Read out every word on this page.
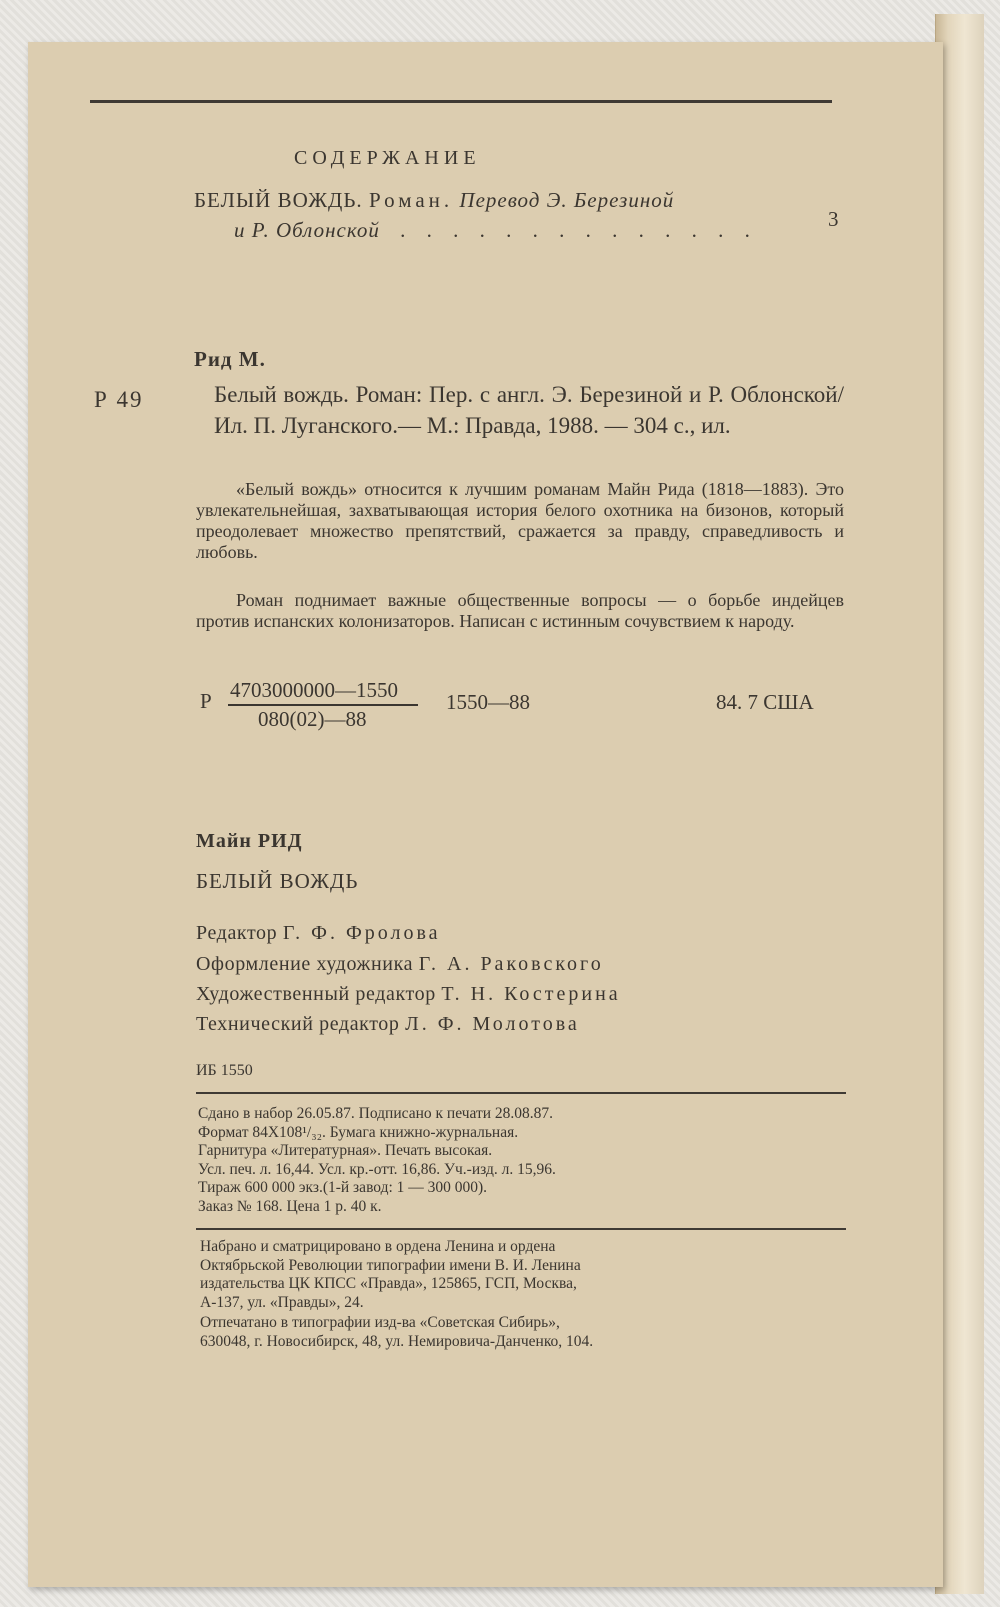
СОДЕРЖАНИЕ
БЕЛЫЙ ВОЖДЬ. Роман. Перевод Э. Березиной
и Р. Облонской . . . . . . . . . . . . . .	3
Рид М.
Р 49	Белый вождь. Роман: Пер. с англ. Э. Березиной и Р. Облонской/ Ил. П. Луганского.— М.: Правда, 1988. — 304 с., ил.
«Белый вождь» относится к лучшим романам Майн Рида (1818—1883). Это увлекательнейшая, захватывающая история белого охотника на бизонов, который преодолевает множество препятствий, сражается за правду, справедливость и любовь.
Роман поднимает важные общественные вопросы — о борьбе индейцев против испанских колонизаторов. Написан с истинным сочувствием к народу.
Р 4703000000—1550
080(02)—88
1550—88	84. 7 США
Майн РИД
БЕЛЫЙ ВОЖДЬ
Редактор Г. Ф. Фролова
Оформление художника Г. А. Раковского
Художественный редактор Т. Н. Костерина
Технический редактор Л. Ф. Молотова
ИБ 1550
Сдано в набор 26.05.87. Подписано к печати 28.08.87.
Формат 84Х108¹/₃₂. Бумага книжно-журнальная.
Гарнитура «Литературная». Печать высокая.
Усл. печ. л. 16,44. Усл. кр.-отт. 16,86. Уч.-изд. л. 15,96.
Тираж 600 000 экз.(1-й завод: 1 — 300 000).
Заказ № 168. Цена 1 р. 40 к.
Набрано и сматрицировано в ордена Ленина и ордена
Октябрьской Революции типографии имени В. И. Ленина
издательства ЦК КПСС «Правда», 125865, ГСП, Москва,
А-137, ул. «Правды», 24.
Отпечатано в типографии изд-ва «Советская Сибирь»,
630048, г. Новосибирск, 48, ул. Немировича-Данченко, 104.
